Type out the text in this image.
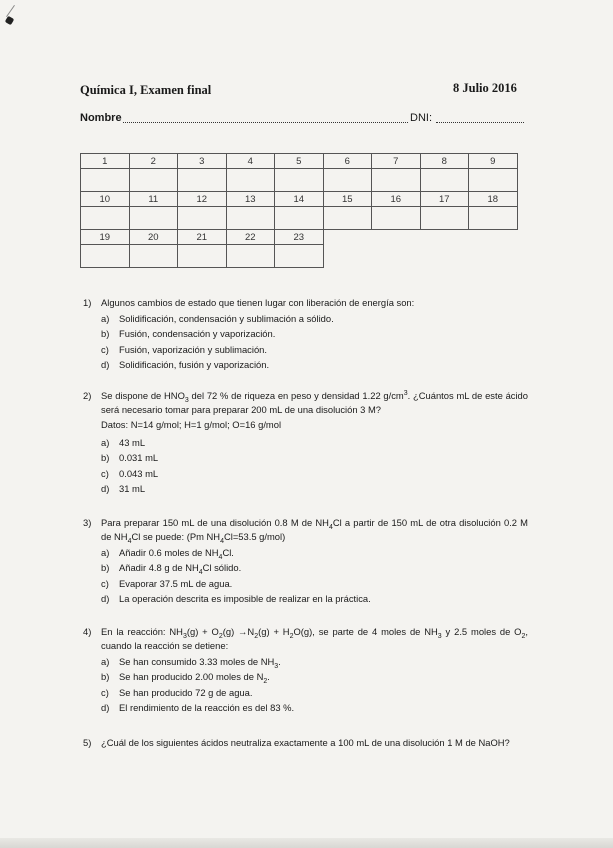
Química I, Examen final	8 Julio 2016
Nombre	DNI:
1	2	3	4	5	6	7	8	9

10	11	12	13	14	15	16	17	18

19	20	21	22	23				

1) Algunos cambios de estado que tienen lugar con liberación de energía son:
a)	Solidificación, condensación y sublimación a sólido.
b)	Fusión, condensación y vaporización.
c)	Fusión, vaporización y sublimación.
d)	Solidificación, fusión y vaporización.
2) Se dispone de $HNO_3$ del 72 % de riqueza en peso y densidad 1.22 $g/cm^3$. ¿Cuántos mL de este ácido será necesario tomar para preparar 200 mL de una disolución 3 M?
Datos: N=14 g/mol; H=1 g/mol; O=16 g/mol
a)	43 mL
b)	0.031 mL
c)	0.043 mL
d)	31 mL
3) Para preparar 150 mL de una disolución 0.8 M de $NH_4Cl$ a partir de 150 mL de otra disolución 0.2 M de $NH_4Cl$ se puede: (Pm $NH_4Cl=53.5$ g/mol)
a)	Añadir 0.6 moles de $NH_4Cl$.
b)	Añadir 4.8 g de $NH_4Cl$ sólido.
c)	Evaporar 37.5 mL de agua.
d)	La operación descrita es imposible de realizar en la práctica.
4) En la reacción: $NH_3(g) + O_2(g) \to N_2(g) + H_2O(g)$, se parte de 4 moles de $NH_3$ y 2.5 moles de $O_2$, cuando la reacción se detiene:
a)	Se han consumido 3.33 moles de $NH_3$.
b)	Se han producido 2.00 moles de $N_2$.
c)	Se han producido 72 g de agua.
d)	El rendimiento de la reacción es del 83 %.
5) ¿Cuál de los siguientes ácidos neutraliza exactamente a 100 mL de una disolución 1 M de NaOH?
